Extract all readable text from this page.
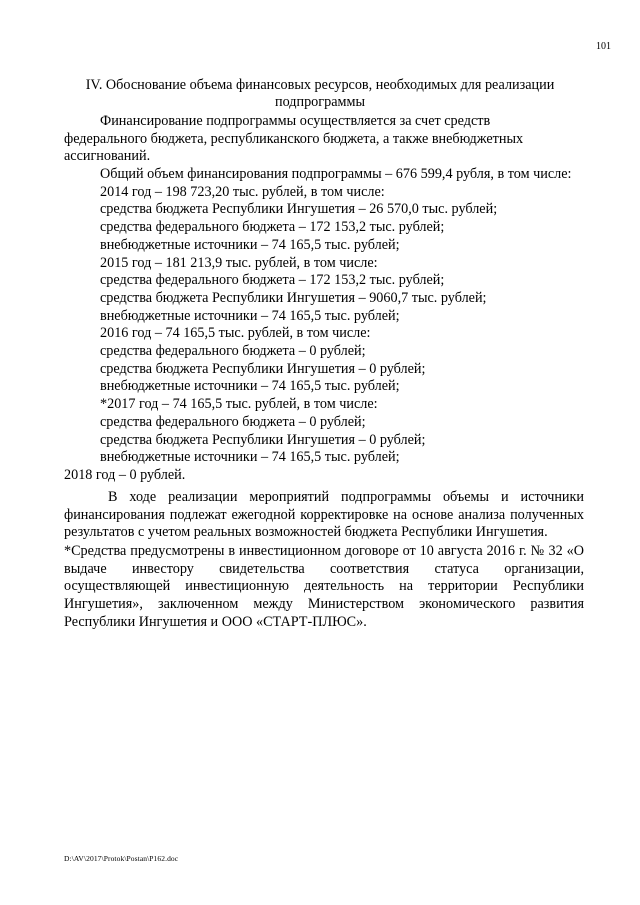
101
IV. Обоснование объема финансовых ресурсов, необходимых для реализации
подпрограммы
Финансирование подпрограммы осуществляется за счет средств
федерального бюджета, республиканского бюджета, а также внебюджетных
ассигнований.
Общий объем финансирования подпрограммы – 676 599,4 рубля, в том числе:
2014 год – 198 723,20 тыс. рублей, в том числе:
средства бюджета Республики Ингушетия – 26 570,0 тыс. рублей;
средства федерального бюджета – 172 153,2 тыс. рублей;
внебюджетные источники – 74 165,5 тыс. рублей;
2015 год – 181 213,9 тыс. рублей, в том числе:
средства федерального бюджета – 172 153,2 тыс. рублей;
средства бюджета Республики Ингушетия – 9060,7 тыс. рублей;
внебюджетные источники – 74 165,5 тыс. рублей;
2016 год – 74 165,5 тыс. рублей, в том числе:
средства федерального бюджета – 0 рублей;
средства бюджета Республики Ингушетия – 0 рублей;
внебюджетные источники – 74 165,5 тыс. рублей;
*2017 год – 74 165,5 тыс. рублей, в том числе:
средства федерального бюджета – 0 рублей;
средства бюджета Республики Ингушетия – 0 рублей;
внебюджетные источники – 74 165,5 тыс. рублей;
2018 год – 0 рублей.
В ходе реализации мероприятий подпрограммы объемы и источники финансирования подлежат ежегодной корректировке на основе анализа полученных результатов с учетом реальных возможностей бюджета Республики Ингушетия.
*Средства предусмотрены в инвестиционном договоре от 10 августа 2016 г. № 32 «О выдаче инвестору свидетельства соответствия статуса организации, осуществляющей инвестиционную деятельность на территории Республики Ингушетия», заключенном между Министерством экономического развития Республики Ингушетия и ООО «СТАРТ-ПЛЮС».
D:\AV\2017\Protok\Postan\P162.doc
